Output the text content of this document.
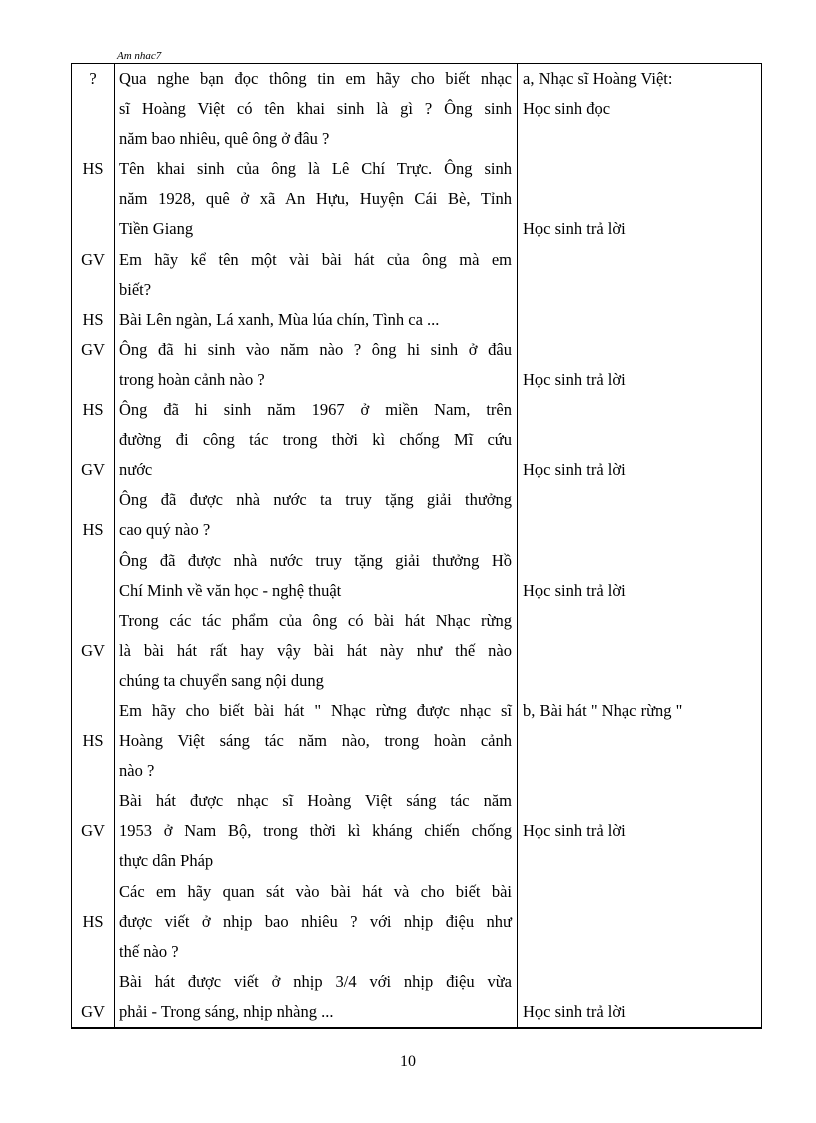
Am nhac7
?
HS
GV
HS
GV
HS
GV
HS
GV
HS
GV
HS
GV
Qua nghe bạn đọc thông tin em hãy cho biết nhạc
sĩ Hoàng Việt có tên khai sinh là gì ? Ông sinh
năm bao nhiêu, quê ông ở đâu ?
Tên khai sinh của ông là Lê Chí Trực. Ông sinh
năm 1928, quê ở xã An Hựu, Huyện Cái Bè, Tỉnh
Tiền Giang
Em hãy kể tên một vài bài hát của ông mà em
biết?
Bài Lên ngàn, Lá xanh, Mùa lúa chín, Tình ca ...
Ông đã hi sinh vào năm nào ? ông hi sinh ở đâu
trong hoàn cảnh nào ?
Ông đã hi sinh năm 1967 ở miền Nam, trên
đường đi công tác trong thời kì chống Mĩ cứu
nước
Ông đã được nhà nước ta truy tặng giải thưởng
cao quý nào ?
Ông đã được nhà nước truy tặng giải thưởng Hồ
Chí Minh về văn học - nghệ thuật
Trong các tác phẩm của ông có bài hát Nhạc rừng
là bài hát rất hay vậy bài hát này như thế nào
chúng ta chuyển sang nội dung
Em hãy cho biết bài hát " Nhạc rừng được nhạc sĩ
Hoàng Việt sáng tác năm nào, trong hoàn cảnh
nào ?
Bài hát được nhạc sĩ Hoàng Việt sáng tác năm
1953 ở Nam Bộ, trong thời kì kháng chiến chống
thực dân Pháp
Các em hãy quan sát vào bài hát và cho biết bài
được viết ở nhịp bao nhiêu ? với nhịp điệu như
thế nào ?
Bài hát được viết ở nhịp 3/4 với nhịp điệu vừa
phải - Trong sáng, nhịp nhàng ...
a, Nhạc sĩ Hoàng Việt:
Học sinh đọc
Học sinh trả lời
Học sinh trả lời
Học sinh trả lời
Học sinh trả lời
b, Bài hát " Nhạc rừng "
Học sinh trả lời
Học sinh trả lời
10
